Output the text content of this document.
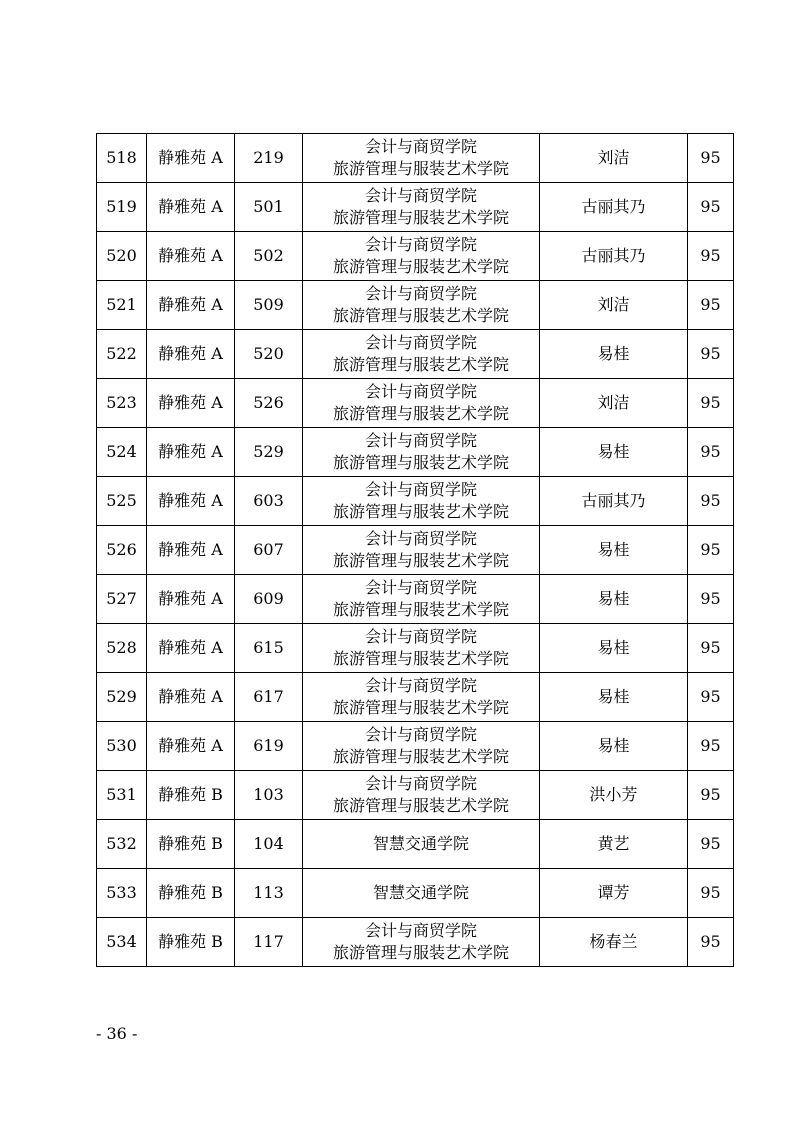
518	静雅苑 A	219	会计与商贸学院
旅游管理与服装艺术学院	刘洁	95
519	静雅苑 A	501	会计与商贸学院
旅游管理与服装艺术学院	古丽其乃	95
520	静雅苑 A	502	会计与商贸学院
旅游管理与服装艺术学院	古丽其乃	95
521	静雅苑 A	509	会计与商贸学院
旅游管理与服装艺术学院	刘洁	95
522	静雅苑 A	520	会计与商贸学院
旅游管理与服装艺术学院	易桂	95
523	静雅苑 A	526	会计与商贸学院
旅游管理与服装艺术学院	刘洁	95
524	静雅苑 A	529	会计与商贸学院
旅游管理与服装艺术学院	易桂	95
525	静雅苑 A	603	会计与商贸学院
旅游管理与服装艺术学院	古丽其乃	95
526	静雅苑 A	607	会计与商贸学院
旅游管理与服装艺术学院	易桂	95
527	静雅苑 A	609	会计与商贸学院
旅游管理与服装艺术学院	易桂	95
528	静雅苑 A	615	会计与商贸学院
旅游管理与服装艺术学院	易桂	95
529	静雅苑 A	617	会计与商贸学院
旅游管理与服装艺术学院	易桂	95
530	静雅苑 A	619	会计与商贸学院
旅游管理与服装艺术学院	易桂	95
531	静雅苑 B	103	会计与商贸学院
旅游管理与服装艺术学院	洪小芳	95
532	静雅苑 B	104	智慧交通学院	黄艺	95
533	静雅苑 B	113	智慧交通学院	谭芳	95
534	静雅苑 B	117	会计与商贸学院
旅游管理与服装艺术学院	杨春兰	95
- 36 -
